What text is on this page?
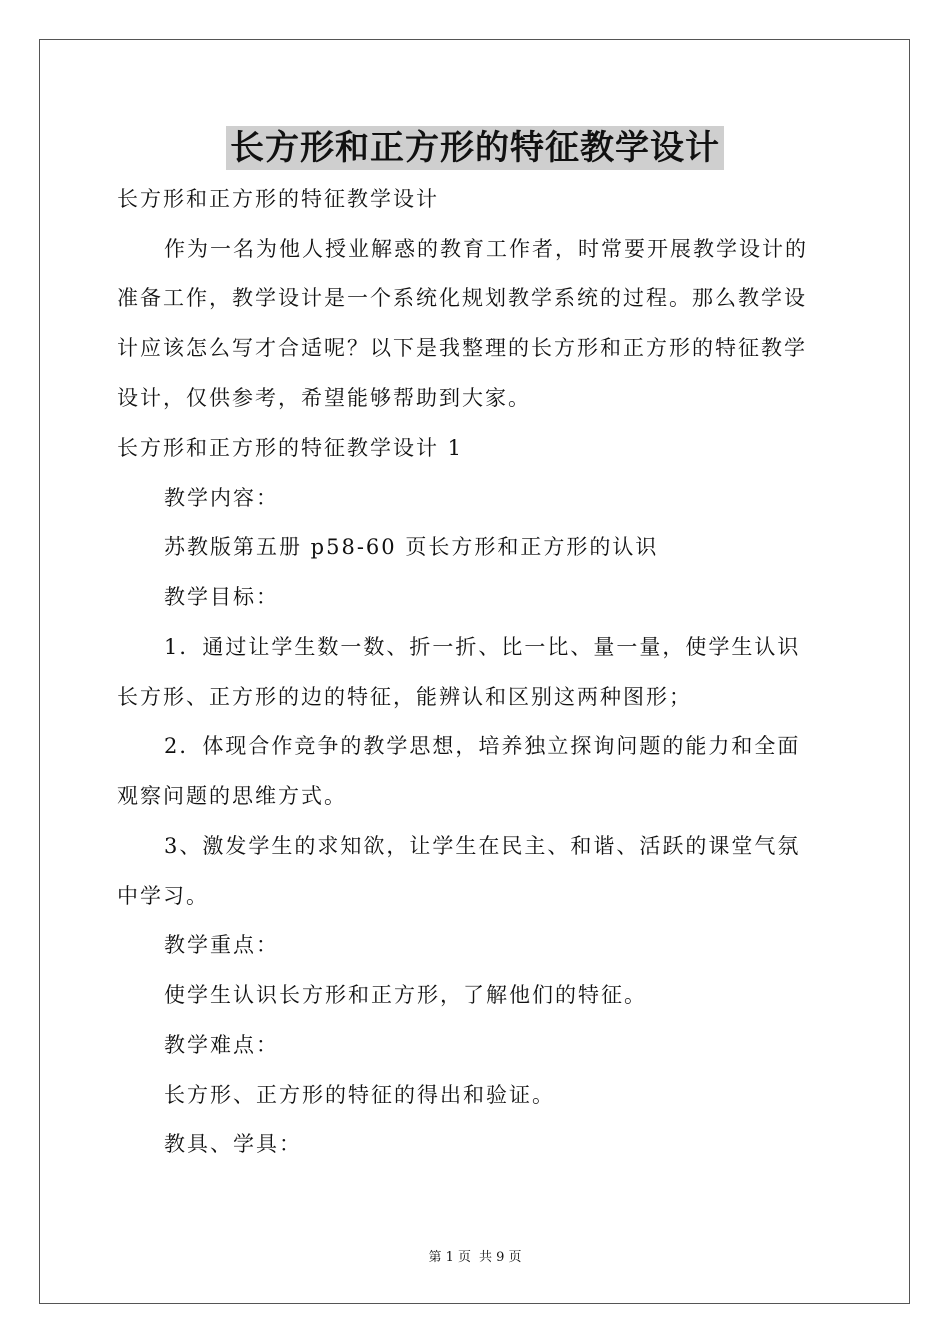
长方形和正方形的特征教学设计
长方形和正方形的特征教学设计
作为一名为他人授业解惑的教育工作者，时常要开展教学设计的
准备工作，教学设计是一个系统化规划教学系统的过程。那么教学设
计应该怎么写才合适呢？以下是我整理的长方形和正方形的特征教学
设计，仅供参考，希望能够帮助到大家。
长方形和正方形的特征教学设计 1
教学内容：
苏教版第五册 p58-60 页长方形和正方形的认识
教学目标：
1．通过让学生数一数、折一折、比一比、量一量，使学生认识
长方形、正方形的边的特征，能辨认和区别这两种图形；
2．体现合作竞争的教学思想，培养独立探询问题的能力和全面
观察问题的思维方式。
3、激发学生的求知欲，让学生在民主、和谐、活跃的课堂气氛
中学习。
教学重点：
使学生认识长方形和正方形，了解他们的特征。
教学难点：
长方形、正方形的特征的得出和验证。
教具、学具：
第 1 页 共 9 页
